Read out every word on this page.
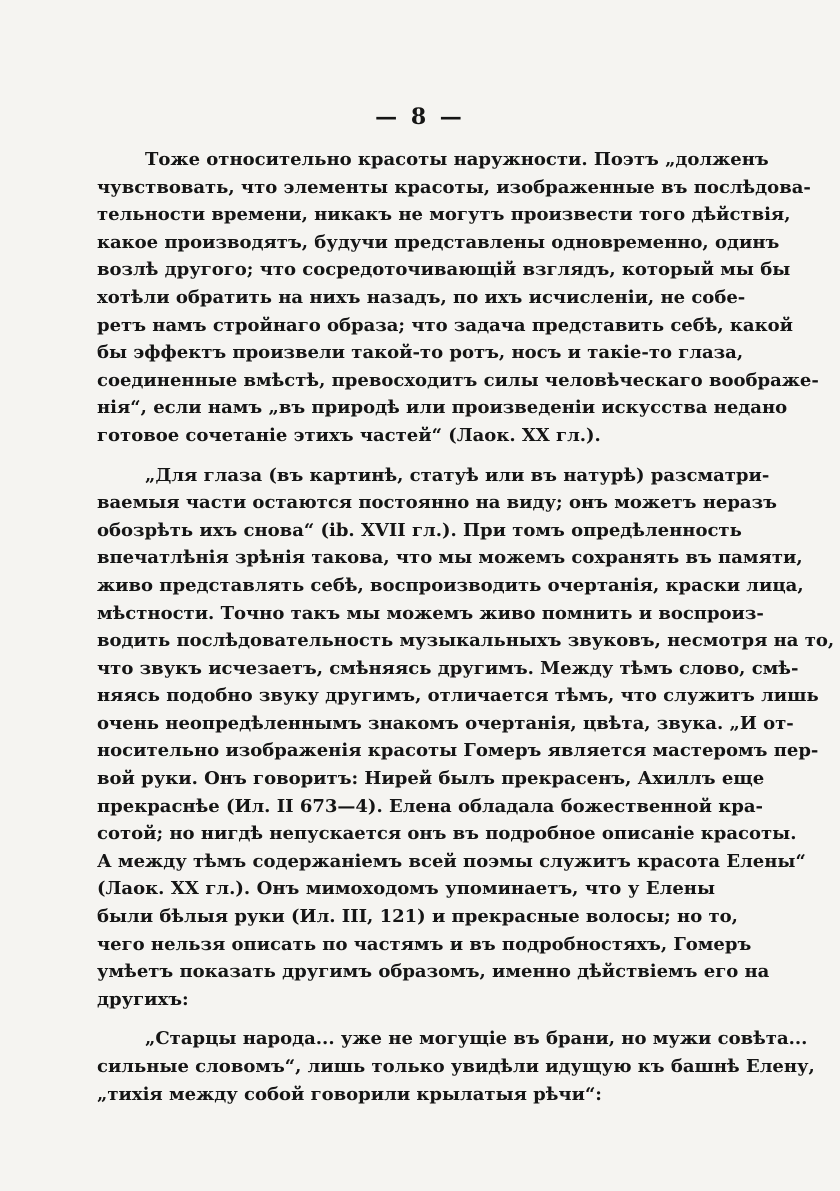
— 8 —

Тоже относительно красоты наружности. Поэтъ „долженъ

чувствовать, что элементы красоты, изображенные въ послѣдова-

тельности времени, никакъ не могутъ произвести того дѣйствія,

какое производятъ, будучи представлены одновременно, одинъ

возлѣ другого; что сосредоточивающій взглядъ, который мы бы

хотѣли обратить на нихъ назадъ, по ихъ исчисленіи, не собе-

ретъ намъ стройнаго образа; что задача представить себѣ, какой

бы эффектъ произвели такой-то ротъ, носъ и такіе-то глаза,

соединенные вмѣстѣ, превосходитъ силы человѣческаго воображе-

нія“, если намъ „въ природѣ или произведеніи искусства недано

готовое сочетаніе этихъ частей“ (Лаок. XX гл.).

„Для глаза (въ картинѣ, статуѣ или въ натурѣ) разсматри-

ваемыя части остаются постоянно на виду; онъ можетъ неразъ

обозрѣть ихъ снова“ (ib. XVII гл.). При томъ опредѣленность

впечатлѣнія зрѣнія такова, что мы можемъ сохранять въ памяти,

живо представлять себѣ, воспроизводить очертанія, краски лица,

мѣстности. Точно такъ мы можемъ живо помнить и воспроиз-

водить послѣдовательность музыкальныхъ звуковъ, несмотря на то,

что звукъ исчезаетъ, смѣняясь другимъ. Между тѣмъ слово, смѣ-

няясь подобно звуку другимъ, отличается тѣмъ, что служитъ лишь

очень неопредѣленнымъ знакомъ очертанія, цвѣта, звука. „И от-

носительно изображенія красоты Гомеръ является мастеромъ пер-

вой руки. Онъ говоритъ: Нирей былъ прекрасенъ, Ахиллъ еще

прекраснѣе (Ил. II 673—4). Елена обладала божественной кра-

сотой; но нигдѣ непускается онъ въ подробное описаніе красоты.

А между тѣмъ содержаніемъ всей поэмы служитъ красота Елены“

(Лаок. XX гл.). Онъ мимоходомъ упоминаетъ, что у Елены

были бѣлыя руки (Ил. III, 121) и прекрасные волосы; но то,

чего нельзя описать по частямъ и въ подробностяхъ, Гомеръ

умѣетъ показать другимъ образомъ, именно дѣйствіемъ его на

другихъ:

„Старцы народа... уже не могущіе въ брани, но мужи совѣта...

сильные словомъ“, лишь только увидѣли идущую къ башнѣ Елену,

„тихія между собой говорили крылатыя рѣчи“:
